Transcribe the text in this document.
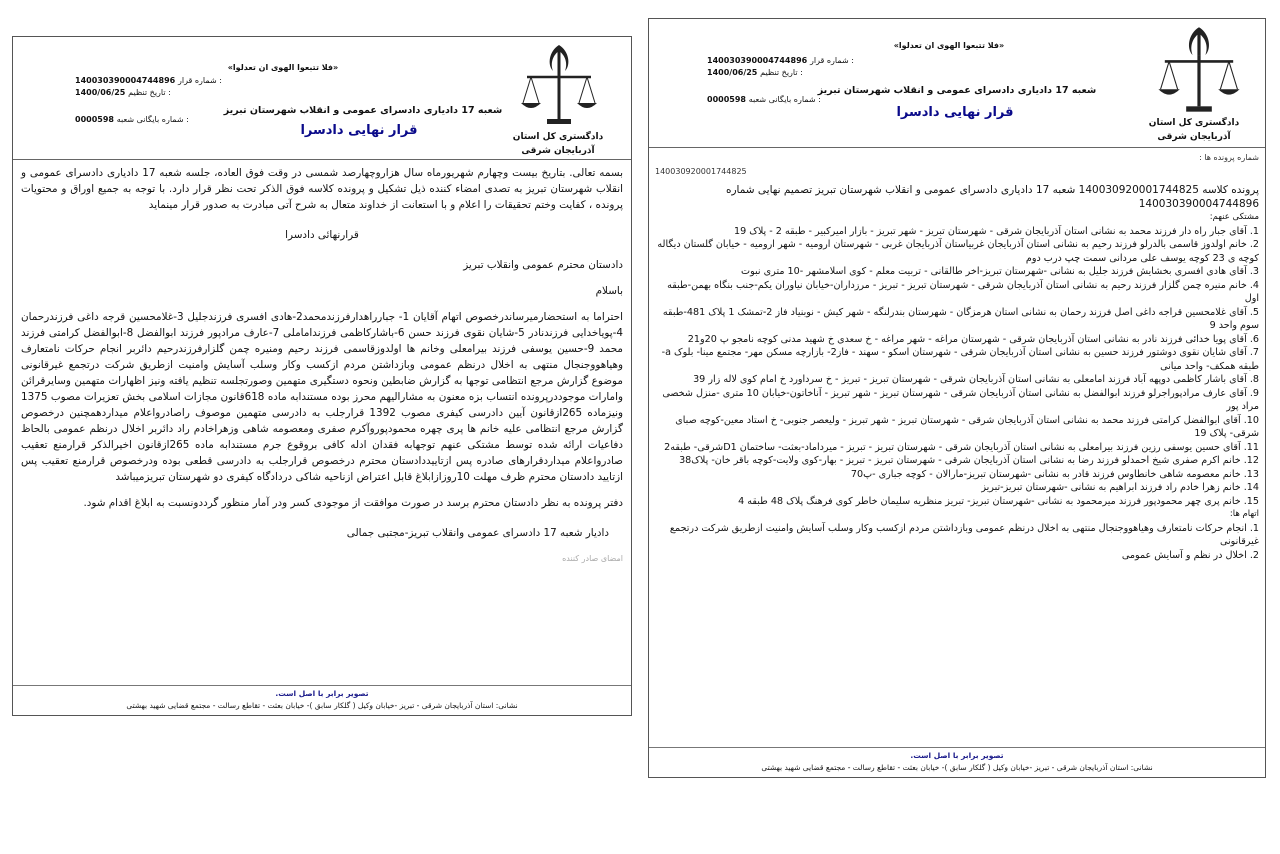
دادگستری کل استان آذربایجان شرقی
«فلا تتبعوا الهوی ان تعدلوا»
140030390004744896 شماره قرار :
1400/06/25 تاریخ تنظیم :
0000598 شماره بایگانی شعبه :
شعبه 17 دادیاری دادسرای عمومی و انقلاب شهرستان تبریز
قرار نهایی دادسرا

بسمه تعالی. بتاریخ بیست وچهارم شهریورماه سال هزاروچهارصد شمسی در وقت فوق العاده، جلسه شعبه 17 دادیاری دادسرای عمومی و انقلاب شهرستان تبریز به تصدی امضاء کننده ذیل تشکیل و پرونده کلاسه فوق الذکر تحت نظر قرار دارد. با توجه به جمیع اوراق و محتویات پرونده ، کفایت وختم تحقیقات را اعلام و با استعانت از خداوند متعال به شرح آتی مبادرت به صدور قرار مینماید

قرارنهائی دادسرا

دادستان محترم عمومی وانقلاب تبریز

باسلام

احتراما به استحضارمیرساندرخصوص اتهام آقایان 1- جبارراهدارفرزندمحمد2-هادی افسری فرزندجلیل 3-غلامحسین قرجه داغی فرزندرحمان 4-پویاخدایی فرزندنادر 5-شایان نقوی فرزند حسن 6-باشارکاظمی فرزنداماملی 7-عارف مرادپور فرزند ابوالفضل 8-ابوالفضل کرامتی فرزند محمد 9-حسین یوسفی فرزند بیرامعلی وخانم ها اولدوزقاسمی فرزند رحیم ومنیره چمن گلزارفرزندرحیم دائربر انجام حرکات نامتعارف وهیاهووجنجال منتهی به اخلال درنظم عمومی وبازداشتن مردم ازکسب وکار وسلب آسایش وامنیت ازطریق شرکت درتجمع غیرقانونی موضوع گزارش مرجع انتظامی توجها به گزارش ضابطین ونحوه دستگیری متهمین وصورتجلسه تنظیم یافته ونیز اظهارات متهمین وسایرقرائن وامارات موجوددرپرونده انتساب بزه معنون به مشارالیهم محرز بوده مستندابه ماده 618قانون مجازات اسلامی بخش تعزیرات مصوب 1375 ونیزماده 265ازقانون آیین دادرسی کیفری مصوب 1392 قرارجلب به دادرسی متهمین موصوف راصادرواعلام میداردهمچنین درخصوص گزارش مرجع انتظامی علیه خانم ها پری چهره محمودپوروآکرم صفری ومعصومه شاهی وزهراخادم راد دائربر اخلال درنظم عمومی بالحاظ دفاعیات ارائه شده توسط مشتکی عنهم توجهابه فقدان ادله کافی بروقوع جرم مستندابه ماده 265ازقانون اخیرالذکر قرارمنع تعقیب صادرواعلام میداردقرارهای صادره پس ازتاییددادستان محترم درخصوص قرارجلب به دادرسی قطعی بوده ودرخصوص قرارمنع تعقیب پس ازتایید دادستان محترم ظرف مهلت 10روزازابلاغ قابل اعتراض ازناحیه شاکی دردادگاه کیفری دو شهرستان تبریزمیباشد

دفتر پرونده به نظر دادستان محترم برسد در صورت موافقت از موجودی کسر ودر آمار منظور گرددونسبت به ابلاغ اقدام شود.

دادیار شعبه 17 دادسرای عمومی وانقلاب تبریز-مجتبی جمالی

امضای صادر کننده

تصویر برابر با اصل است.
نشانی: استان آذربایجان شرقی - تبریز -خیابان وکیل ( گلکار سابق )- خیابان بعثت - تقاطع رسالت - مجتمع قضایی شهید بهشتی
دادگستری کل استان آذربایجان شرقی
«فلا تتبعوا الهوی ان تعدلوا»
140030390004744896 شماره قرار :
1400/06/25 تاریخ تنظیم :
0000598 شماره بایگانی شعبه :
شعبه 17 دادیاری دادسرای عمومی و انقلاب شهرستان تبریز
قرار نهایی دادسرا

شماره پرونده ها :

140030920001744825

پرونده کلاسه 140030920001744825 شعبه 17 دادیاری دادسرای عمومی و انقلاب شهرستان تبریز تصمیم نهایی شماره 140030390004744896

مشتکی عنهم:

1. آقای جبار راه دار فرزند محمد به نشانی استان آذربایجان شرقی - شهرستان تبریز - شهر تبریز - بازار امیرکبیر - طبقه 2 - پلاک 19

2. خانم اولدوز قاسمی بالدرلو فرزند رحیم به نشانی استان آذربایجان غربیاستان آذربایجان غربی - شهرستان ارومیه - شهر ارومیه - خیابان گلستان دیگاله کوچه ی 23 کوچه یوسف علی مردانی سمت چپ درب دوم

3. آقای هادی افسری بخشایش فرزند جلیل به نشانی -شهرستان تبریز-اخر طالقانی - تربیت معلم - کوی اسلامشهر -10 متری نبوت

4. خانم منیره چمن گلزار فرزند رحیم به نشانی استان آذربایجان شرقی - شهرستان تبریز - تبریز - مرزداران-خیابان نیاوران یکم-جنب بنگاه بهمن-طبقه اول

5. آقای غلامحسین قراجه داغی اصل فرزند رحمان به نشانی استان هرمزگان - شهرستان بندرلنگه - شهر کیش - نوبنیاد فاز 2-تمشک 1 پلاک 481-طبقه سوم واحد 9

6. آقای پویا خدائی فرزند نادر به نشانی استان آذربایجان شرقی - شهرستان مراغه - شهر مراغه - خ سعدی خ شهید مدنی کوچه نامجو پ 20و21

7. آقای شایان نقوی دوشتور فرزند حسین به نشانی استان آذربایجان شرقی - شهرستان اسکو - سهند - فاز2- بازارچه مسکن مهر- مجتمع مینا- بلوک a-طبقه همکف- واحد میانی

8. آقای باشار کاظمی دوپهه آباد فرزند امامعلی به نشانی استان آذربایجان شرقی - شهرستان تبریز - تبریز - خ سرداورد خ امام کوی لاله زار 39

9. آقای عارف مرادپوراجرلو فرزند ابوالفضل به نشانی استان آذربایجان شرقی - شهرستان تبریز - شهر تبریز - آناخاتون-خیابان 10 متری -منزل شخصی مراد پور

10. آقای ابوالفضل کرامتی فرزند محمد به نشانی استان آذربایجان شرقی - شهرستان تبریز - شهر تبریز - ولیعصر جنوبی- خ استاد معین-کوچه صبای شرقی- پلاک 19

11. آقای حسین یوسفی رزین فرزند بیرامعلی به نشانی استان آذربایجان شرقی - شهرستان تبریز - تبریز - میرداماد-بعثت- ساختمان D1شرقی- طبقه2

12. خانم اکرم صفری شیخ احمدلو فرزند رضا به نشانی استان آذربایجان شرقی - شهرستان تبریز - تبریز - بهار-کوی ولایت-کوچه باقر خان- پلاک38

13. خانم معصومه شاهی خانطاوس فرزند قادر به نشانی -شهرستان تبریز-مارالان - کوچه جباری -پ70

14. خانم زهرا خادم راد فرزند ابراهیم به نشانی -شهرستان تبریز-تبریز

15. خانم پری چهر محمودپور فرزند میرمحمود به نشانی -شهرستان تبریز- تبریز منظریه سلیمان خاطر کوی فرهنگ پلاک 48 طبقه 4

اتهام ها:

1. انجام حرکات نامتعارف وهیاهووجنجال منتهی به اخلال درنظم عمومی وبازداشتن مردم ازکسب وکار وسلب آسایش وامنیت ازطریق شرکت درتجمع غیرقانونی

2. اخلال در نظم و آسایش عمومی

تصویر برابر با اصل است.
نشانی: استان آذربایجان شرقی - تبریز -خیابان وکیل ( گلکار سابق )- خیابان بعثت - تقاطع رسالت - مجتمع قضایی شهید بهشتی
